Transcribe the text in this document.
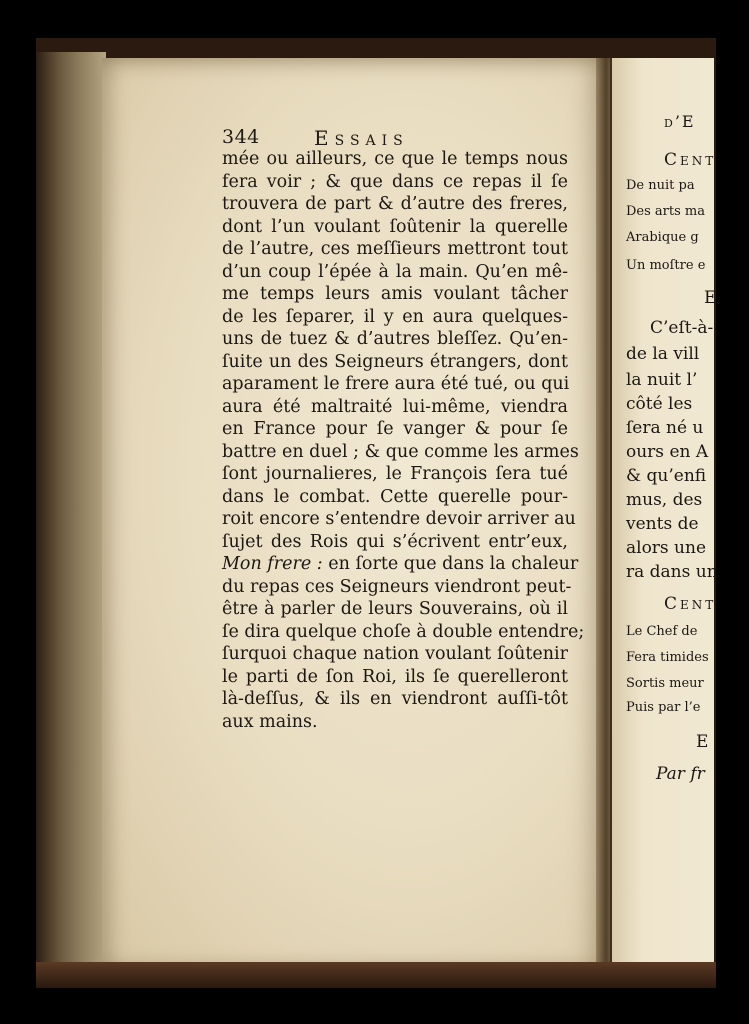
344	Essais
mée ou ailleurs, ce que le temps nous
fera voir ; & que dans ce repas il ſe
trouvera de part & d’autre des freres,
dont l’un voulant ſoûtenir la querelle
de l’autre, ces meſſieurs mettront tout
d’un coup l’épée à la main. Qu’en mê-
me temps leurs amis voulant tâcher
de les ſeparer, il y en aura quelques-
uns de tuez & d’autres bleſſez. Qu’en-
ſuite un des Seigneurs étrangers, dont
aparament le frere aura été tué, ou qui
aura été maltraité lui-même, viendra
en France pour ſe vanger & pour ſe
battre en duel ; & que comme les armes
ſont journalieres, le François ſera tué
dans le combat. Cette querelle pour-
roit encore s’entendre devoir arriver au
ſujet des Rois qui s’écrivent entr’eux,
Mon frere : en ſorte que dans la chaleur
du repas ces Seigneurs viendront peut-
être à parler de leurs Souverains, où il
ſe dira quelque choſe à double entendre;
ſurquoi chaque nation voulant ſoûtenir
le parti de ſon Roi, ils ſe querelleront
là-deſſus, & ils en viendront auſſi-tôt
aux mains.
d’E
Cent
De nuit pa
Des arts ma
Arabique g
Un moſtre e
E
C’eſt-à-
de la vill
la nuit l’
côté les
ſera né u
ours en A
& qu’enfi
mus, des
vents de
alors une
ra dans un
Cent
Le Chef de
Fera timides
Sortis meur
Puis par l’e
E
Par fr
